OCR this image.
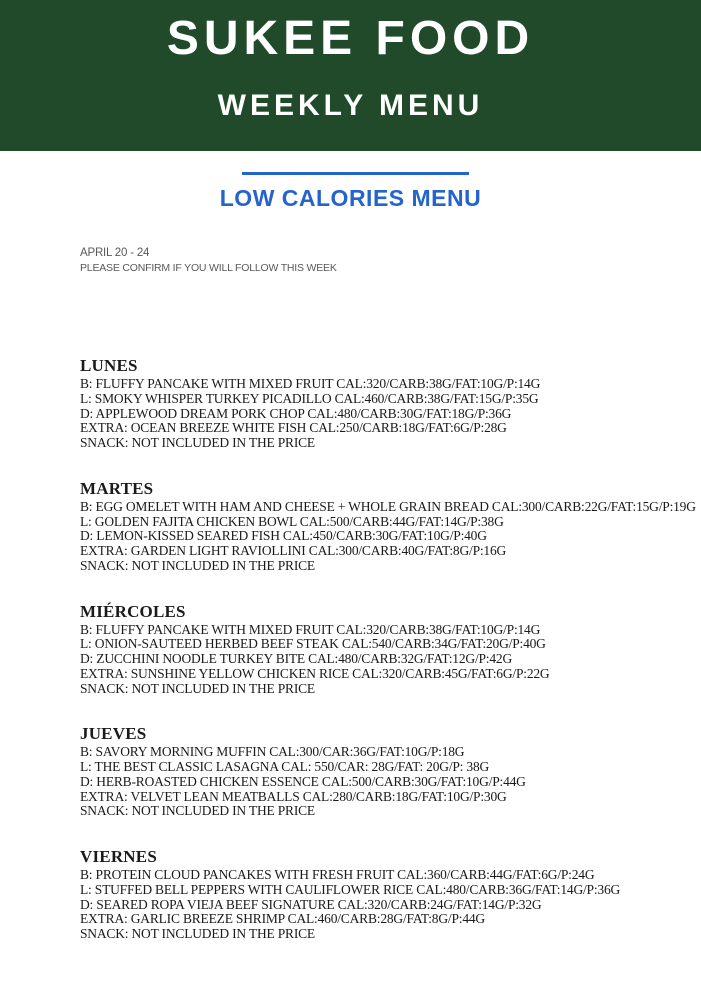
SUKEE FOOD
WEEKLY MENU
LOW CALORIES MENU
APRIL 20 - 24
PLEASE CONFIRM IF YOU WILL FOLLOW THIS WEEK
LUNES
B: FLUFFY PANCAKE WITH MIXED FRUIT CAL:320/CARB:38G/FAT:10G/P:14G
L: SMOKY WHISPER TURKEY PICADILLO CAL:460/CARB:38G/FAT:15G/P:35G
D: APPLEWOOD DREAM PORK CHOP CAL:480/CARB:30G/FAT:18G/P:36G
EXTRA: OCEAN BREEZE WHITE FISH CAL:250/CARB:18G/FAT:6G/P:28G
SNACK: NOT INCLUDED IN THE PRICE
MARTES
B: EGG OMELET WITH HAM AND CHEESE + WHOLE GRAIN BREAD CAL:300/CARB:22G/FAT:15G/P:19G
L: GOLDEN FAJITA CHICKEN BOWL CAL:500/CARB:44G/FAT:14G/P:38G
D: LEMON-KISSED SEARED FISH CAL:450/CARB:30G/FAT:10G/P:40G
EXTRA: GARDEN LIGHT RAVIOLLINI CAL:300/CARB:40G/FAT:8G/P:16G
SNACK: NOT INCLUDED IN THE PRICE
MIÉRCOLES
B: FLUFFY PANCAKE WITH MIXED FRUIT CAL:320/CARB:38G/FAT:10G/P:14G
L: ONION-SAUTEED HERBED BEEF STEAK CAL:540/CARB:34G/FAT:20G/P:40G
D: ZUCCHINI NOODLE TURKEY BITE CAL:480/CARB:32G/FAT:12G/P:42G
EXTRA: SUNSHINE YELLOW CHICKEN RICE CAL:320/CARB:45G/FAT:6G/P:22G
SNACK: NOT INCLUDED IN THE PRICE
JUEVES
B: SAVORY MORNING MUFFIN CAL:300/CAR:36G/FAT:10G/P:18G
L: THE BEST CLASSIC LASAGNA CAL: 550/CAR: 28G/FAT: 20G/P: 38G
D: HERB-ROASTED CHICKEN ESSENCE CAL:500/CARB:30G/FAT:10G/P:44G
EXTRA: VELVET LEAN MEATBALLS CAL:280/CARB:18G/FAT:10G/P:30G
SNACK: NOT INCLUDED IN THE PRICE
VIERNES
B: PROTEIN CLOUD PANCAKES WITH FRESH FRUIT CAL:360/CARB:44G/FAT:6G/P:24G
L: STUFFED BELL PEPPERS WITH CAULIFLOWER RICE CAL:480/CARB:36G/FAT:14G/P:36G
D: SEARED ROPA VIEJA BEEF SIGNATURE CAL:320/CARB:24G/FAT:14G/P:32G
EXTRA: GARLIC BREEZE SHRIMP CAL:460/CARB:28G/FAT:8G/P:44G
SNACK: NOT INCLUDED IN THE PRICE
